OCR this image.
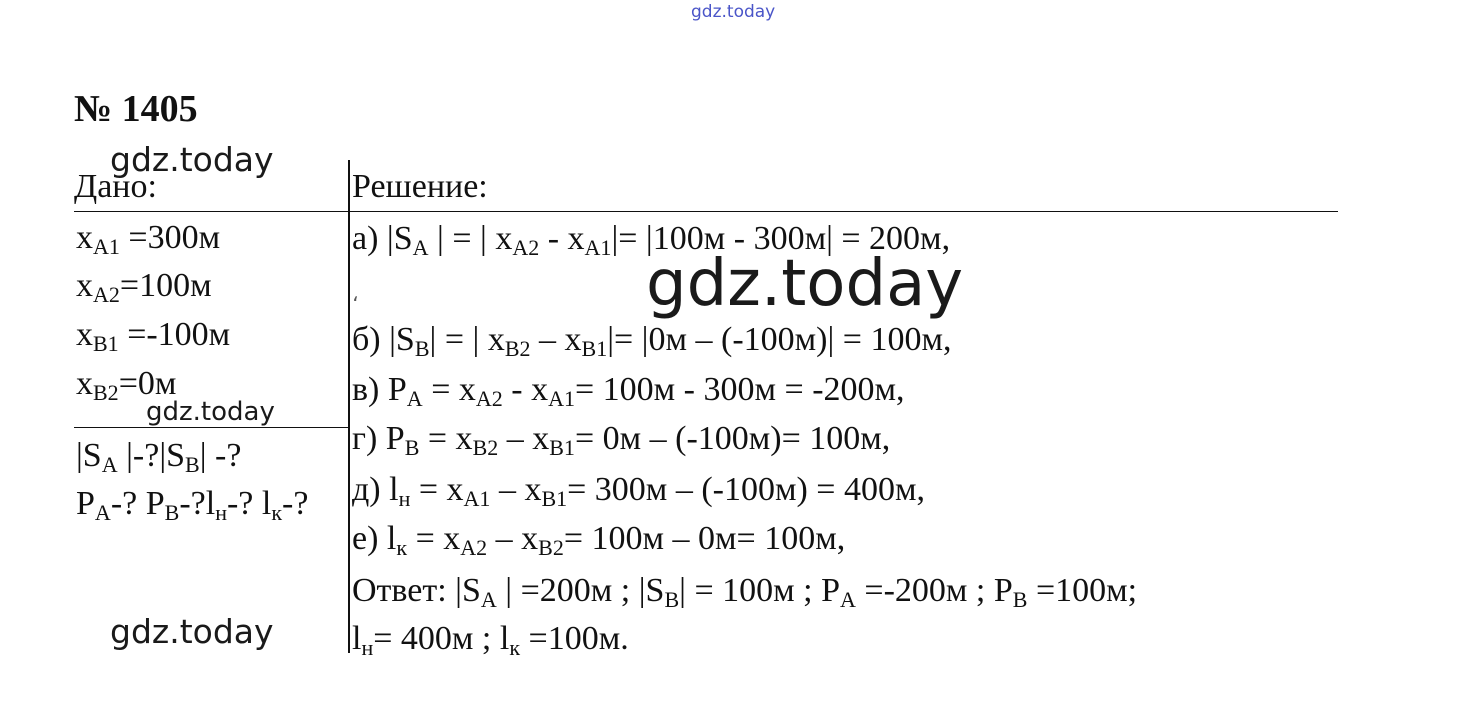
gdz.today
gdz.today
gdz.today
gdz.today
gdz.today
№ 1405
Дано:
$x_{A1} =300м$
$x_{A2}=100м$
$x_{B1} =-100м$
$x_{B2}=0м$
$|S_A$ $|-?|S_B|$ -?
$P_A-$? $P_B-?l_н-$? $l_к-$?
Решение:
а) $|S_A$ | = | $x_{A2} - x_{A1}|= |100м - 300м| = 200м$,
،
б) $|S_B|$ = | $x_{B2} - x_{B1}|= |0м - (-100м)| = 100м$,
в) $P_A = x_{A2} - x_{A1}= 100м - 300м = -200м$,
г) $P_B = x_{B2} - x_{B1}= 0м - (-100м)= 100м$,
д) $l_н = x_{A1} - x_{B1}= 300м - (-100м) = 400м$,
е) $l_к = x_{A2} - x_{B2}= 100м - 0м= 100м$,
Ответ: $|S_A$ | =200м ; $|S_B| = 100м$ ; $P_A =-200м$ ; $P_B =100м$;
$l_н= 400м$ ; $l_к =100м$.
